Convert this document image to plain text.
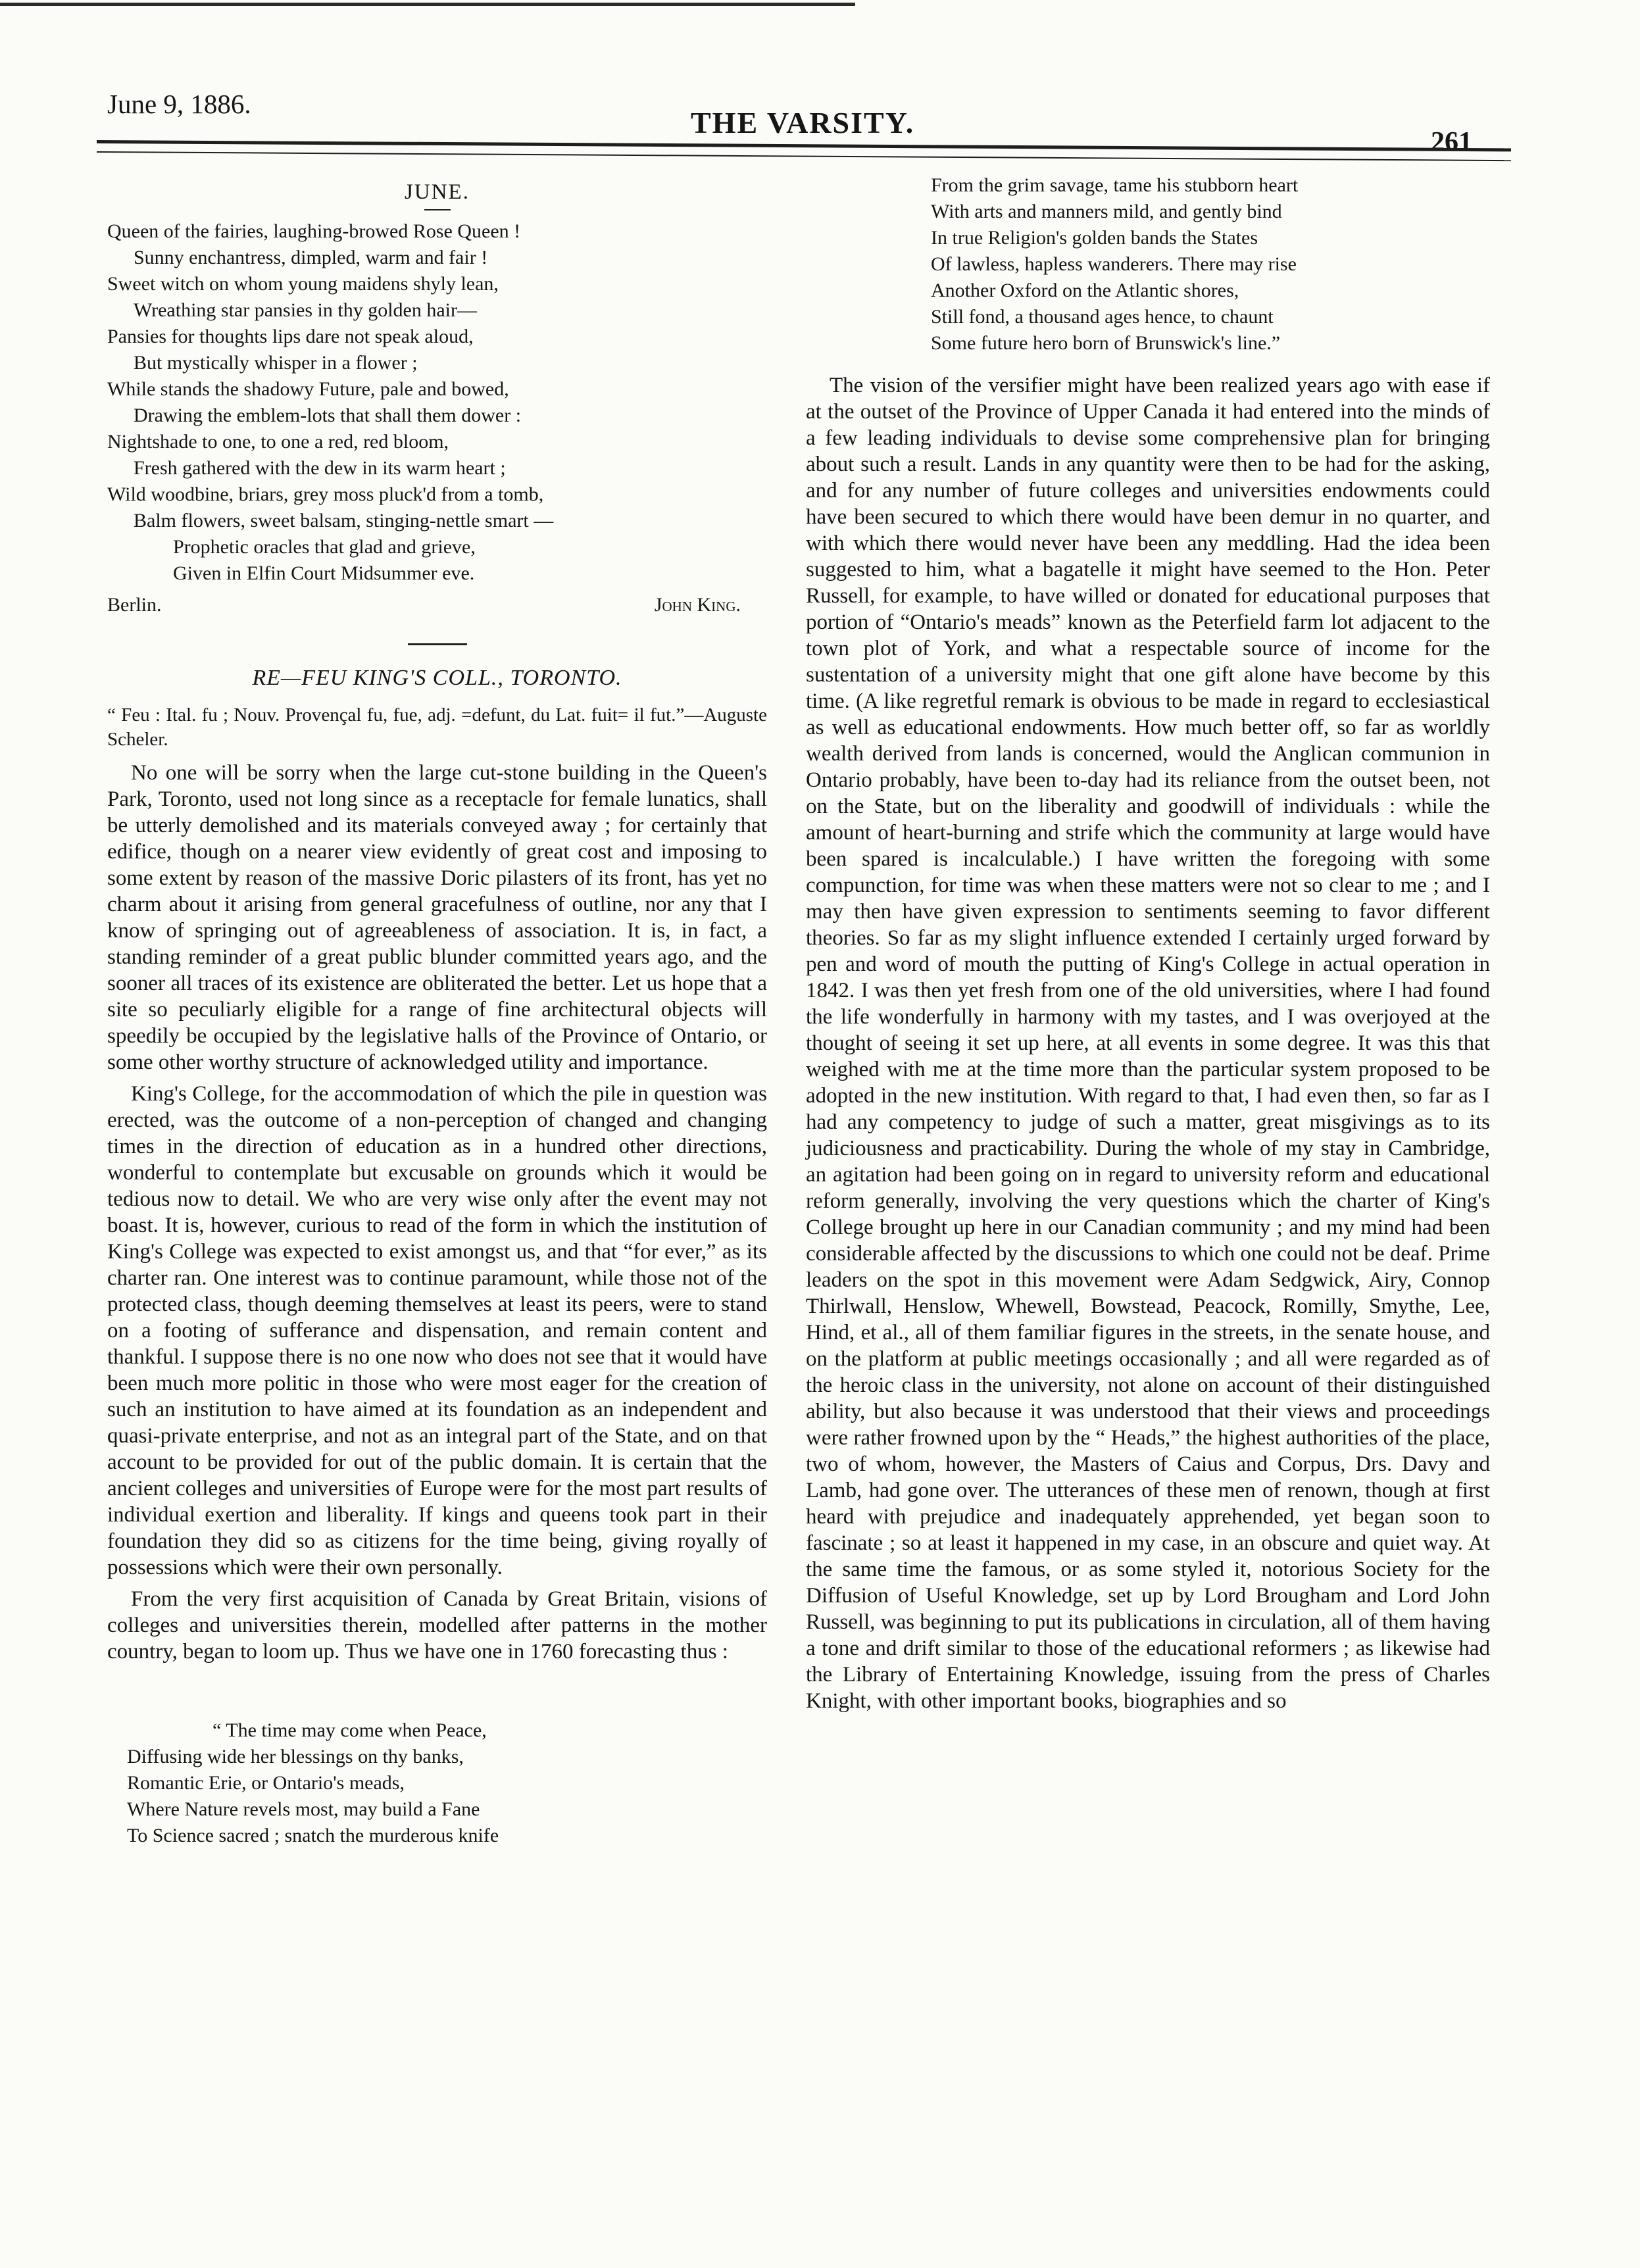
June 9, 1886.
THE VARSITY.
261
JUNE.
Queen of the fairies, laughing-browed Rose Queen !
Sunny enchantress, dimpled, warm and fair !
Sweet witch on whom young maidens shyly lean,
Wreathing star pansies in thy golden hair—
Pansies for thoughts lips dare not speak aloud,
But mystically whisper in a flower ;
While stands the shadowy Future, pale and bowed,
Drawing the emblem-lots that shall them dower :
Nightshade to one, to one a red, red bloom,
Fresh gathered with the dew in its warm heart ;
Wild woodbine, briars, grey moss pluck'd from a tomb,
Balm flowers, sweet balsam, stinging-nettle smart —
Prophetic oracles that glad and grieve,
Given in Elfin Court Midsummer eve.
Berlin.	John King.
RE—FEU KING'S COLL., TORONTO.
“ Feu : Ital. fu ; Nouv. Provençal fu, fue, adj. =defunt, du Lat. fuit= il fut.”—Auguste Scheler.

No one will be sorry when the large cut-stone building in the Queen's Park, Toronto, used not long since as a receptacle for female lunatics, shall be utterly demolished and its materials conveyed away ; for certainly that edifice, though on a nearer view evidently of great cost and imposing to some extent by reason of the massive Doric pilasters of its front, has yet no charm about it arising from general gracefulness of outline, nor any that I know of springing out of agreeableness of association. It is, in fact, a standing reminder of a great public blunder committed years ago, and the sooner all traces of its existence are obliterated the better. Let us hope that a site so peculiarly eligible for a range of fine architectural objects will speedily be occupied by the legislative halls of the Province of Ontario, or some other worthy structure of acknowledged utility and importance.

King's College, for the accommodation of which the pile in question was erected, was the outcome of a non-perception of changed and changing times in the direction of education as in a hundred other directions, wonderful to contemplate but excusable on grounds which it would be tedious now to detail. We who are very wise only after the event may not boast. It is, however, curious to read of the form in which the institution of King's College was expected to exist amongst us, and that “for ever,” as its charter ran. One interest was to continue paramount, while those not of the protected class, though deeming themselves at least its peers, were to stand on a footing of sufferance and dispensation, and remain content and thankful. I suppose there is no one now who does not see that it would have been much more politic in those who were most eager for the creation of such an institution to have aimed at its foundation as an independent and quasi-private enterprise, and not as an integral part of the State, and on that account to be provided for out of the public domain. It is certain that the ancient colleges and universities of Europe were for the most part results of individual exertion and liberality. If kings and queens took part in their foundation they did so as citizens for the time being, giving royally of possessions which were their own personally.

From the very first acquisition of Canada by Great Britain, visions of colleges and universities therein, modelled after patterns in the mother country, began to loom up. Thus we have one in 1760 forecasting thus :

“ The time may come when Peace,
Diffusing wide her blessings on thy banks,
Romantic Erie, or Ontario's meads,
Where Nature revels most, may build a Fane
To Science sacred ; snatch the murderous knife
From the grim savage, tame his stubborn heart
With arts and manners mild, and gently bind
In true Religion's golden bands the States
Of lawless, hapless wanderers. There may rise
Another Oxford on the Atlantic shores,
Still fond, a thousand ages hence, to chaunt
Some future hero born of Brunswick's line.”

The vision of the versifier might have been realized years ago with ease if at the outset of the Province of Upper Canada it had entered into the minds of a few leading individuals to devise some comprehensive plan for bringing about such a result. Lands in any quantity were then to be had for the asking, and for any number of future colleges and universities endowments could have been secured to which there would have been demur in no quarter, and with which there would never have been any meddling. Had the idea been suggested to him, what a bagatelle it might have seemed to the Hon. Peter Russell, for example, to have willed or donated for educational purposes that portion of “Ontario's meads” known as the Peterfield farm lot adjacent to the town plot of York, and what a respectable source of income for the sustentation of a university might that one gift alone have become by this time. (A like regretful remark is obvious to be made in regard to ecclesiastical as well as educational endowments. How much better off, so far as worldly wealth derived from lands is concerned, would the Anglican communion in Ontario probably, have been to-day had its reliance from the outset been, not on the State, but on the liberality and goodwill of individuals : while the amount of heart-burning and strife which the community at large would have been spared is incalculable.) I have written the foregoing with some compunction, for time was when these matters were not so clear to me ; and I may then have given expression to sentiments seeming to favor different theories. So far as my slight influence extended I certainly urged forward by pen and word of mouth the putting of King's College in actual operation in 1842. I was then yet fresh from one of the old universities, where I had found the life wonderfully in harmony with my tastes, and I was overjoyed at the thought of seeing it set up here, at all events in some degree. It was this that weighed with me at the time more than the particular system proposed to be adopted in the new institution. With regard to that, I had even then, so far as I had any competency to judge of such a matter, great misgivings as to its judiciousness and practicability. During the whole of my stay in Cambridge, an agitation had been going on in regard to university reform and educational reform generally, involving the very questions which the charter of King's College brought up here in our Canadian community ; and my mind had been considerable affected by the discussions to which one could not be deaf. Prime leaders on the spot in this movement were Adam Sedgwick, Airy, Connop Thirlwall, Henslow, Whewell, Bowstead, Peacock, Romilly, Smythe, Lee, Hind, et al., all of them familiar figures in the streets, in the senate house, and on the platform at public meetings occasionally ; and all were regarded as of the heroic class in the university, not alone on account of their distinguished ability, but also because it was understood that their views and proceedings were rather frowned upon by the “ Heads,” the highest authorities of the place, two of whom, however, the Masters of Caius and Corpus, Drs. Davy and Lamb, had gone over. The utterances of these men of renown, though at first heard with prejudice and inadequately apprehended, yet began soon to fascinate ; so at least it happened in my case, in an obscure and quiet way. At the same time the famous, or as some styled it, notorious Society for the Diffusion of Useful Knowledge, set up by Lord Brougham and Lord John Russell, was beginning to put its publications in circulation, all of them having a tone and drift similar to those of the educational reformers ; as likewise had the Library of Entertaining Knowledge, issuing from the press of Charles Knight, with other important books, biographies and so
